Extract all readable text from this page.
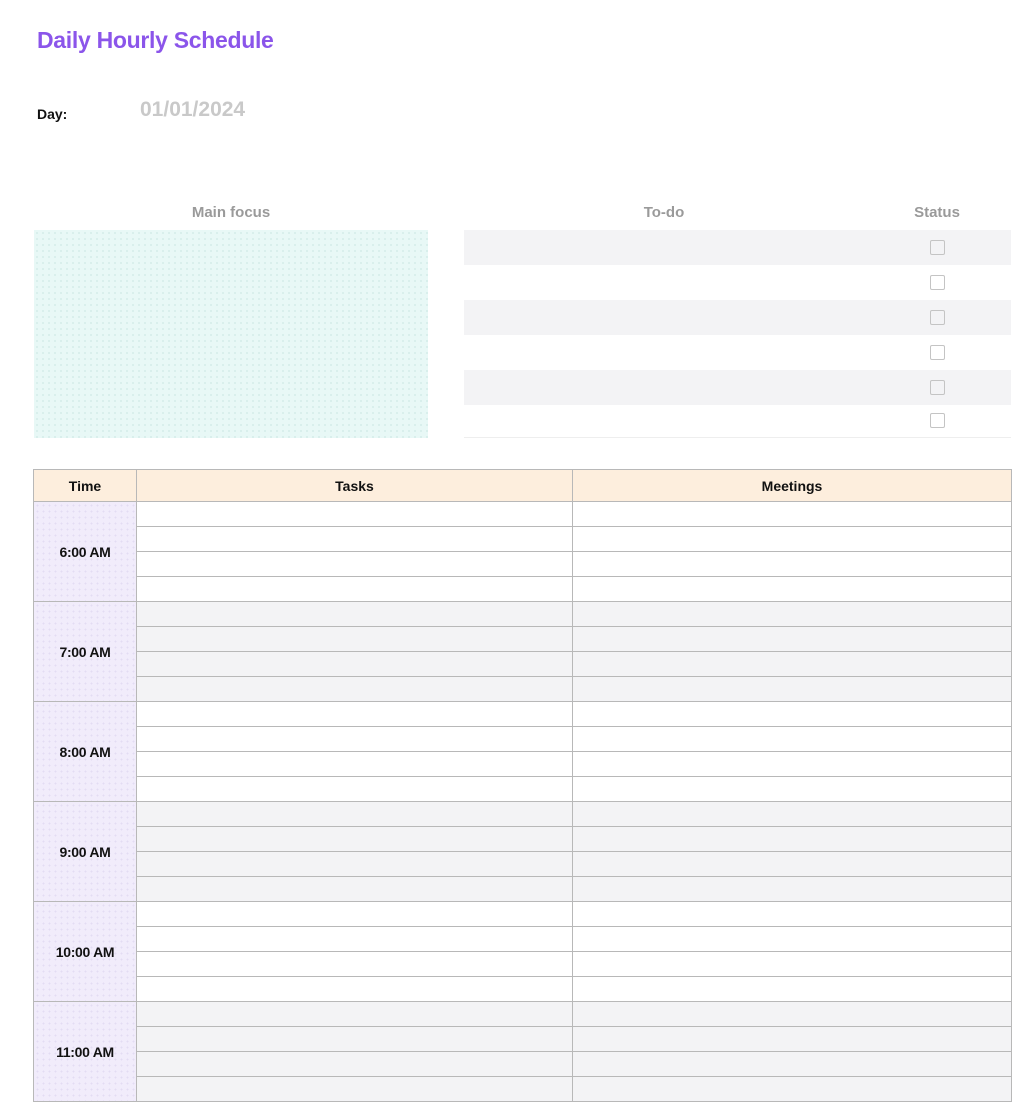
Daily Hourly Schedule
Day:	01/01/2024
Main focus	To-do	Status
Time	Tasks	Meetings
6:00 AM		

7:00 AM		

8:00 AM		

9:00 AM		

10:00 AM		

11:00 AM		
